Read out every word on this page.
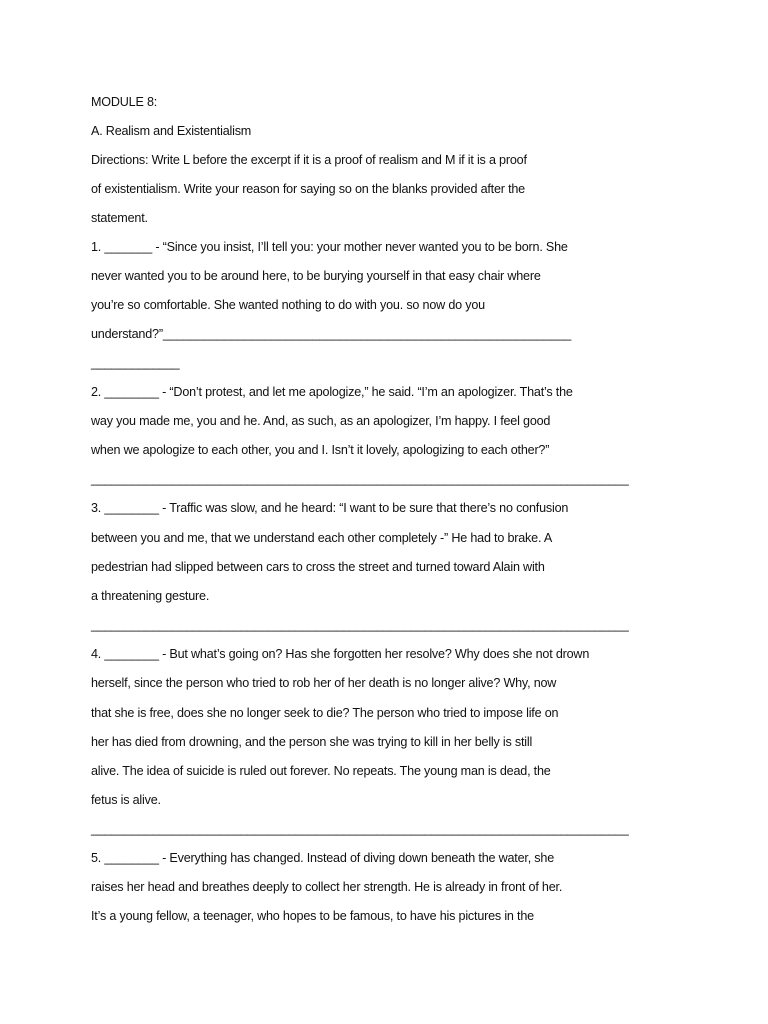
MODULE 8:
A. Realism and Existentialism
Directions: Write L before the excerpt if it is a proof of realism and M if it is a proof
of existentialism. Write your reason for saying so on the blanks provided after the
statement.
1. _______ - “Since you insist, I’ll tell you: your mother never wanted you to be born. She
never wanted you to be around here, to be burying yourself in that easy chair where
you’re so comfortable. She wanted nothing to do with you. so now do you
understand?”____________________________________________________________
_____________
2. ________ - “Don’t protest, and let me apologize,” he said. “I’m an apologizer. That’s the
way you made me, you and he. And, as such, as an apologizer, I’m happy. I feel good
when we apologize to each other, you and I. Isn’t it lovely, apologizing to each other?”
_______________________________________________________________________________
3. ________ - Traffic was slow, and he heard: “I want to be sure that there’s no confusion
between you and me, that we understand each other completely -” He had to brake. A
pedestrian had slipped between cars to cross the street and turned toward Alain with
a threatening gesture.
_______________________________________________________________________________
4. ________ - But what’s going on? Has she forgotten her resolve? Why does she not drown
herself, since the person who tried to rob her of her death is no longer alive? Why, now
that she is free, does she no longer seek to die? The person who tried to impose life on
her has died from drowning, and the person she was trying to kill in her belly is still
alive. The idea of suicide is ruled out forever. No repeats. The young man is dead, the
fetus is alive.
_______________________________________________________________________________
5. ________ - Everything has changed. Instead of diving down beneath the water, she
raises her head and breathes deeply to collect her strength. He is already in front of her.
It’s a young fellow, a teenager, who hopes to be famous, to have his pictures in the
